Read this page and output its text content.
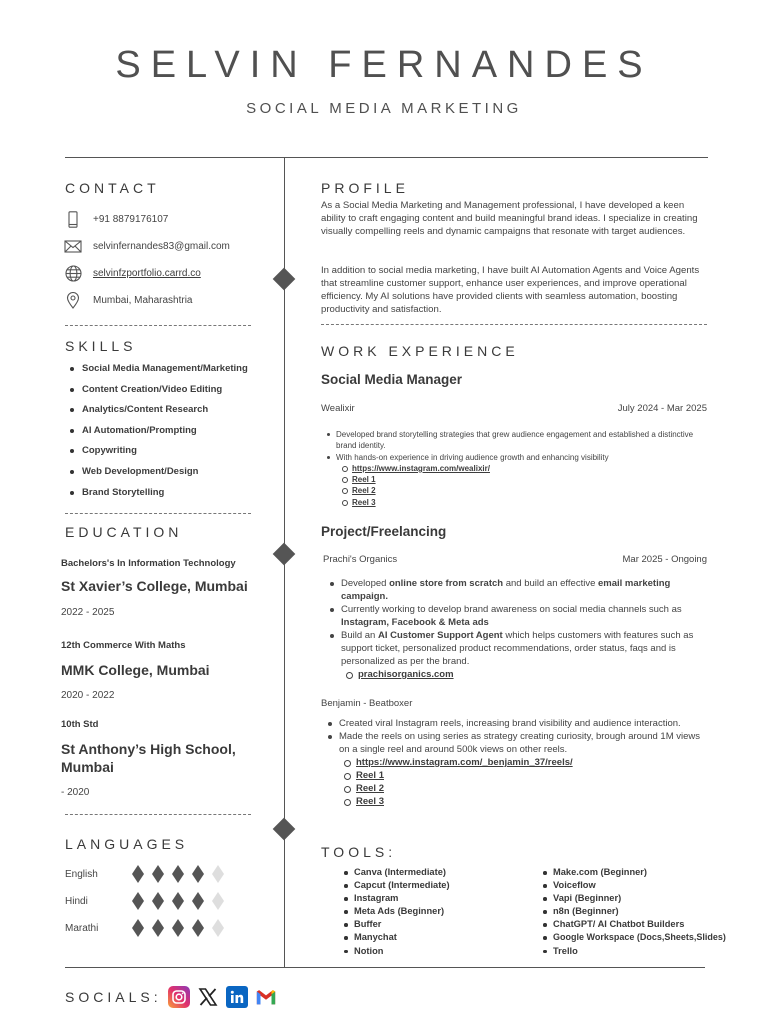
SELVIN FERNANDES
SOCIAL MEDIA MARKETING
CONTACT
+91 8879176107
selvinfernandes83@gmail.com
selvinfzportfolio.carrd.co
Mumbai, Maharashtria
SKILLS
Social Media Management/Marketing
Content Creation/Video Editing
Analytics/Content Research
AI Automation/Prompting
Copywriting
Web Development/Design
Brand Storytelling
EDUCATION
Bachelors's In Information Technology
St Xavier’s College, Mumbai
2022 - 2025
12th Commerce With Maths
MMK College, Mumbai
2020 - 2022
10th Std
St Anthony’s High School, Mumbai
- 2020
LANGUAGES
English
Hindi
Marathi
PROFILE
As a Social Media Marketing and Management professional, I have developed a keen ability to craft engaging content and build meaningful brand ideas. I specialize in creating visually compelling reels and dynamic campaigns that resonate with target audiences.
In addition to social media marketing, I have built AI Automation Agents and Voice Agents that streamline customer support, enhance user experiences, and improve operational efficiency. My AI solutions have provided clients with seamless automation, boosting productivity and satisfaction.
WORK EXPERIENCE
Social Media Manager
Wealixir	July 2024 - Mar 2025
Developed brand storytelling strategies that grew audience engagement and established a distinctive brand identity.
With hands-on experience in driving audience growth and enhancing visibility
https://www.instagram.com/wealixir/
Reel 1
Reel 2
Reel 3
Project/Freelancing
Prachi's Organics	Mar 2025 - Ongoing
Developed online store from scratch and build an effective email marketing campaign.
Currently working to develop brand awareness on social media channels such as Instagram, Facebook & Meta ads
Build an AI Customer Support Agent which helps customers with features such as support ticket, personalized product recommendations, order status, faqs and is personalized as per the brand.
prachisorganics.com
Benjamin - Beatboxer
Created viral Instagram reels, increasing brand visibility and audience interaction.
Made the reels on using series as strategy creating curiosity, brough around 1M views on a single reel and around 500k views on other reels.
https://www.instagram.com/_benjamin_37/reels/
Reel 1
Reel 2
Reel 3
TOOLS:
Canva (Intermediate)
Capcut (Intermediate)
Instagram
Meta Ads (Beginner)
Buffer
Manychat
Notion
Make.com (Beginner)
Voiceflow
Vapi (Beginner)
n8n (Beginner)
ChatGPT/ AI Chatbot Builders
Google Workspace (Docs,Sheets,Slides)
Trello
SOCIALS:
